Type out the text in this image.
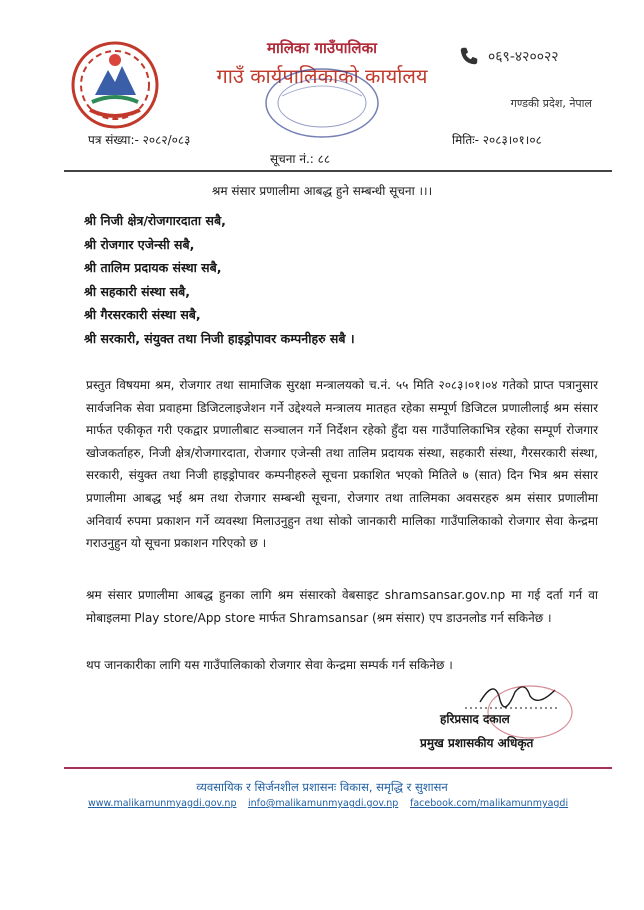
मालिका गाउँपालिका
गाउँ कार्यपालिकाको कार्यालय
०६९-४२००२२
गण्डकी प्रदेश, नेपाल
पत्र संख्या:- २०८२/०८३	मितिः- २०८३।०१।०८
सूचना नं.: ८८
श्रम संसार प्रणालीमा आबद्ध हुने सम्बन्धी सूचना ।।।
श्री निजी क्षेत्र/रोजगारदाता सबै,
श्री रोजगार एजेन्सी सबै,
श्री तालिम प्रदायक संस्था सबै,
श्री सहकारी संस्था सबै,
श्री गैरसरकारी संस्था सबै,
श्री सरकारी, संयुक्त तथा निजी हाइड्रोपावर कम्पनीहरु सबै ।

प्रस्तुत विषयमा श्रम, रोजगार तथा सामाजिक सुरक्षा मन्त्रालयको च.नं. ५५ मिति २०८३।०१।०४ गतेको प्राप्त पत्रानुसार सार्वजनिक सेवा प्रवाहमा डिजिटलाइजेशन गर्ने उद्देश्यले मन्त्रालय मातहत रहेका सम्पूर्ण डिजिटल प्रणालीलाई श्रम संसार मार्फत एकीकृत गरी एकद्वार प्रणालीबाट सञ्चालन गर्ने निर्देशन रहेको हुँदा यस गाउँपालिकाभित्र रहेका सम्पूर्ण रोजगार खोजकर्ताहरु, निजी क्षेत्र/रोजगारदाता, रोजगार एजेन्सी तथा तालिम प्रदायक संस्था, सहकारी संस्था, गैरसरकारी संस्था, सरकारी, संयुक्त तथा निजी हाइड्रोपावर कम्पनीहरुले सूचना प्रकाशित भएको मितिले ७ (सात) दिन भित्र श्रम संसार प्रणालीमा आबद्ध भई श्रम तथा रोजगार सम्बन्धी सूचना, रोजगार तथा तालिमका अवसरहरु श्रम संसार प्रणालीमा अनिवार्य रुपमा प्रकाशन गर्ने व्यवस्था मिलाउनुहुन तथा सोको जानकारी मालिका गाउँपालिकाको रोजगार सेवा केन्द्रमा गराउनुहुन यो सूचना प्रकाशन गरिएको छ ।

श्रम संसार प्रणालीमा आबद्ध हुनका लागि श्रम संसारको वेबसाइट shramsansar.gov.np मा गई दर्ता गर्न वा मोबाइलमा Play store/App store मार्फत Shramsansar (श्रम संसार) एप डाउनलोड गर्न सकिनेछ ।

थप जानकारीका लागि यस गाउँपालिकाको रोजगार सेवा केन्द्रमा सम्पर्क गर्न सकिनेछ ।

हरिप्रसाद दकाल
प्रमुख प्रशासकीय अधिकृत
व्यवसायिक र सिर्जनशील प्रशासनः विकास, समृद्धि र सुशासन
www.malikamunmyagdi.gov.np info@malikamunmyagdi.gov.np facebook.com/malikamunmyagdi
